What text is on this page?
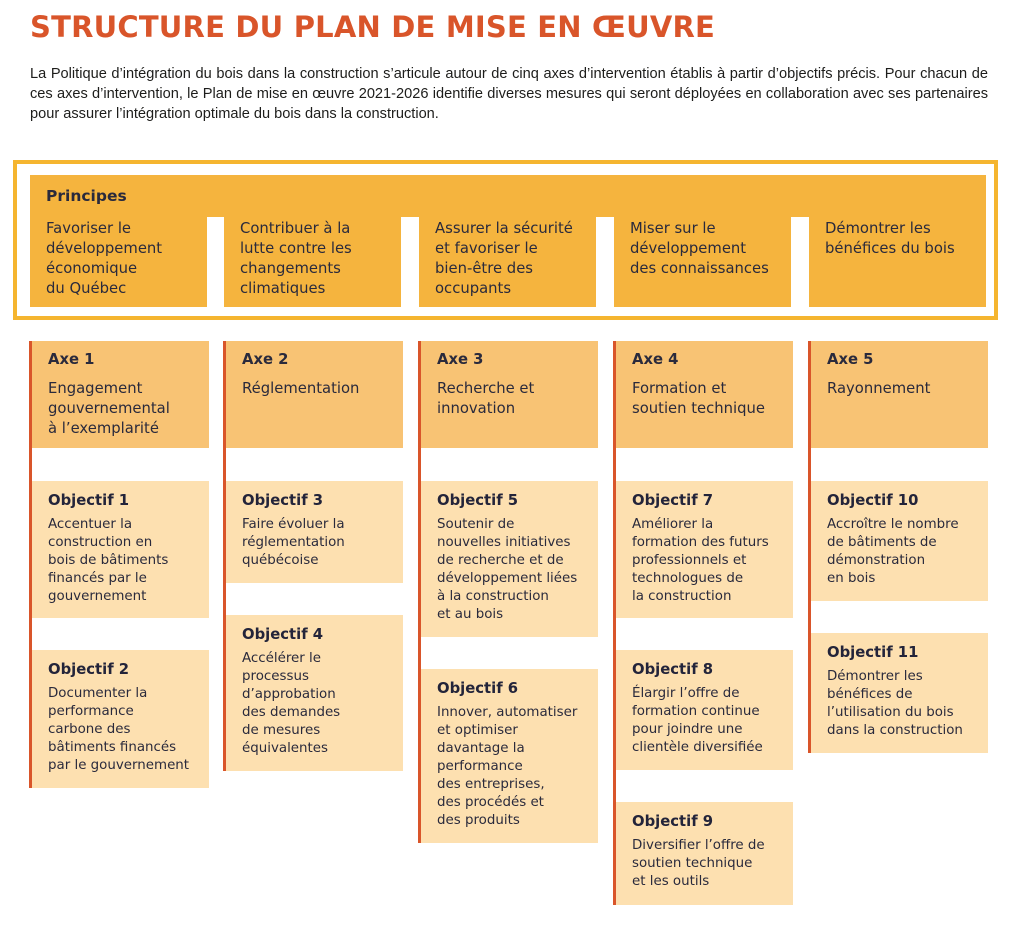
STRUCTURE DU PLAN DE MISE EN ŒUVRE

La Politique d’intégration du bois dans la construction s’articule autour de cinq axes d’intervention établis à partir d’objectifs précis. Pour chacun de ces axes d’intervention, le Plan de mise en œuvre 2021-2026 identifie diverses mesures qui seront déployées en collaboration avec ses partenaires pour assurer l’intégration optimale du bois dans la construction.

Principes
Favoriser le
développement
économique
du Québec
Contribuer à la
lutte contre les
changements
climatiques
Assurer la sécurité
et favoriser le
bien-être des
occupants
Miser sur le
développement
des connaissances
Démontrer les
bénéfices du bois
Axe 1
Engagement
gouvernemental
à l’exemplarité
Axe 2
Réglementation
Axe 3
Recherche et
innovation
Axe 4
Formation et
soutien technique
Axe 5
Rayonnement
Objectif 1
Accentuer la
construction en
bois de bâtiments
financés par le
gouvernement
Objectif 2
Documenter la
performance
carbone des
bâtiments financés
par le gouvernement
Objectif 3
Faire évoluer la
réglementation
québécoise
Objectif 4
Accélérer le
processus
d’approbation
des demandes
de mesures
équivalentes
Objectif 5
Soutenir de
nouvelles initiatives
de recherche et de
développement liées
à la construction
et au bois
Objectif 6
Innover, automatiser
et optimiser
davantage la
performance
des entreprises,
des procédés et
des produits
Objectif 7
Améliorer la
formation des futurs
professionnels et
technologues de
la construction
Objectif 8
Élargir l’offre de
formation continue
pour joindre une
clientèle diversifiée
Objectif 9
Diversifier l’offre de
soutien technique
et les outils
Objectif 10
Accroître le nombre
de bâtiments de
démonstration
en bois
Objectif 11
Démontrer les
bénéfices de
l’utilisation du bois
dans la construction
